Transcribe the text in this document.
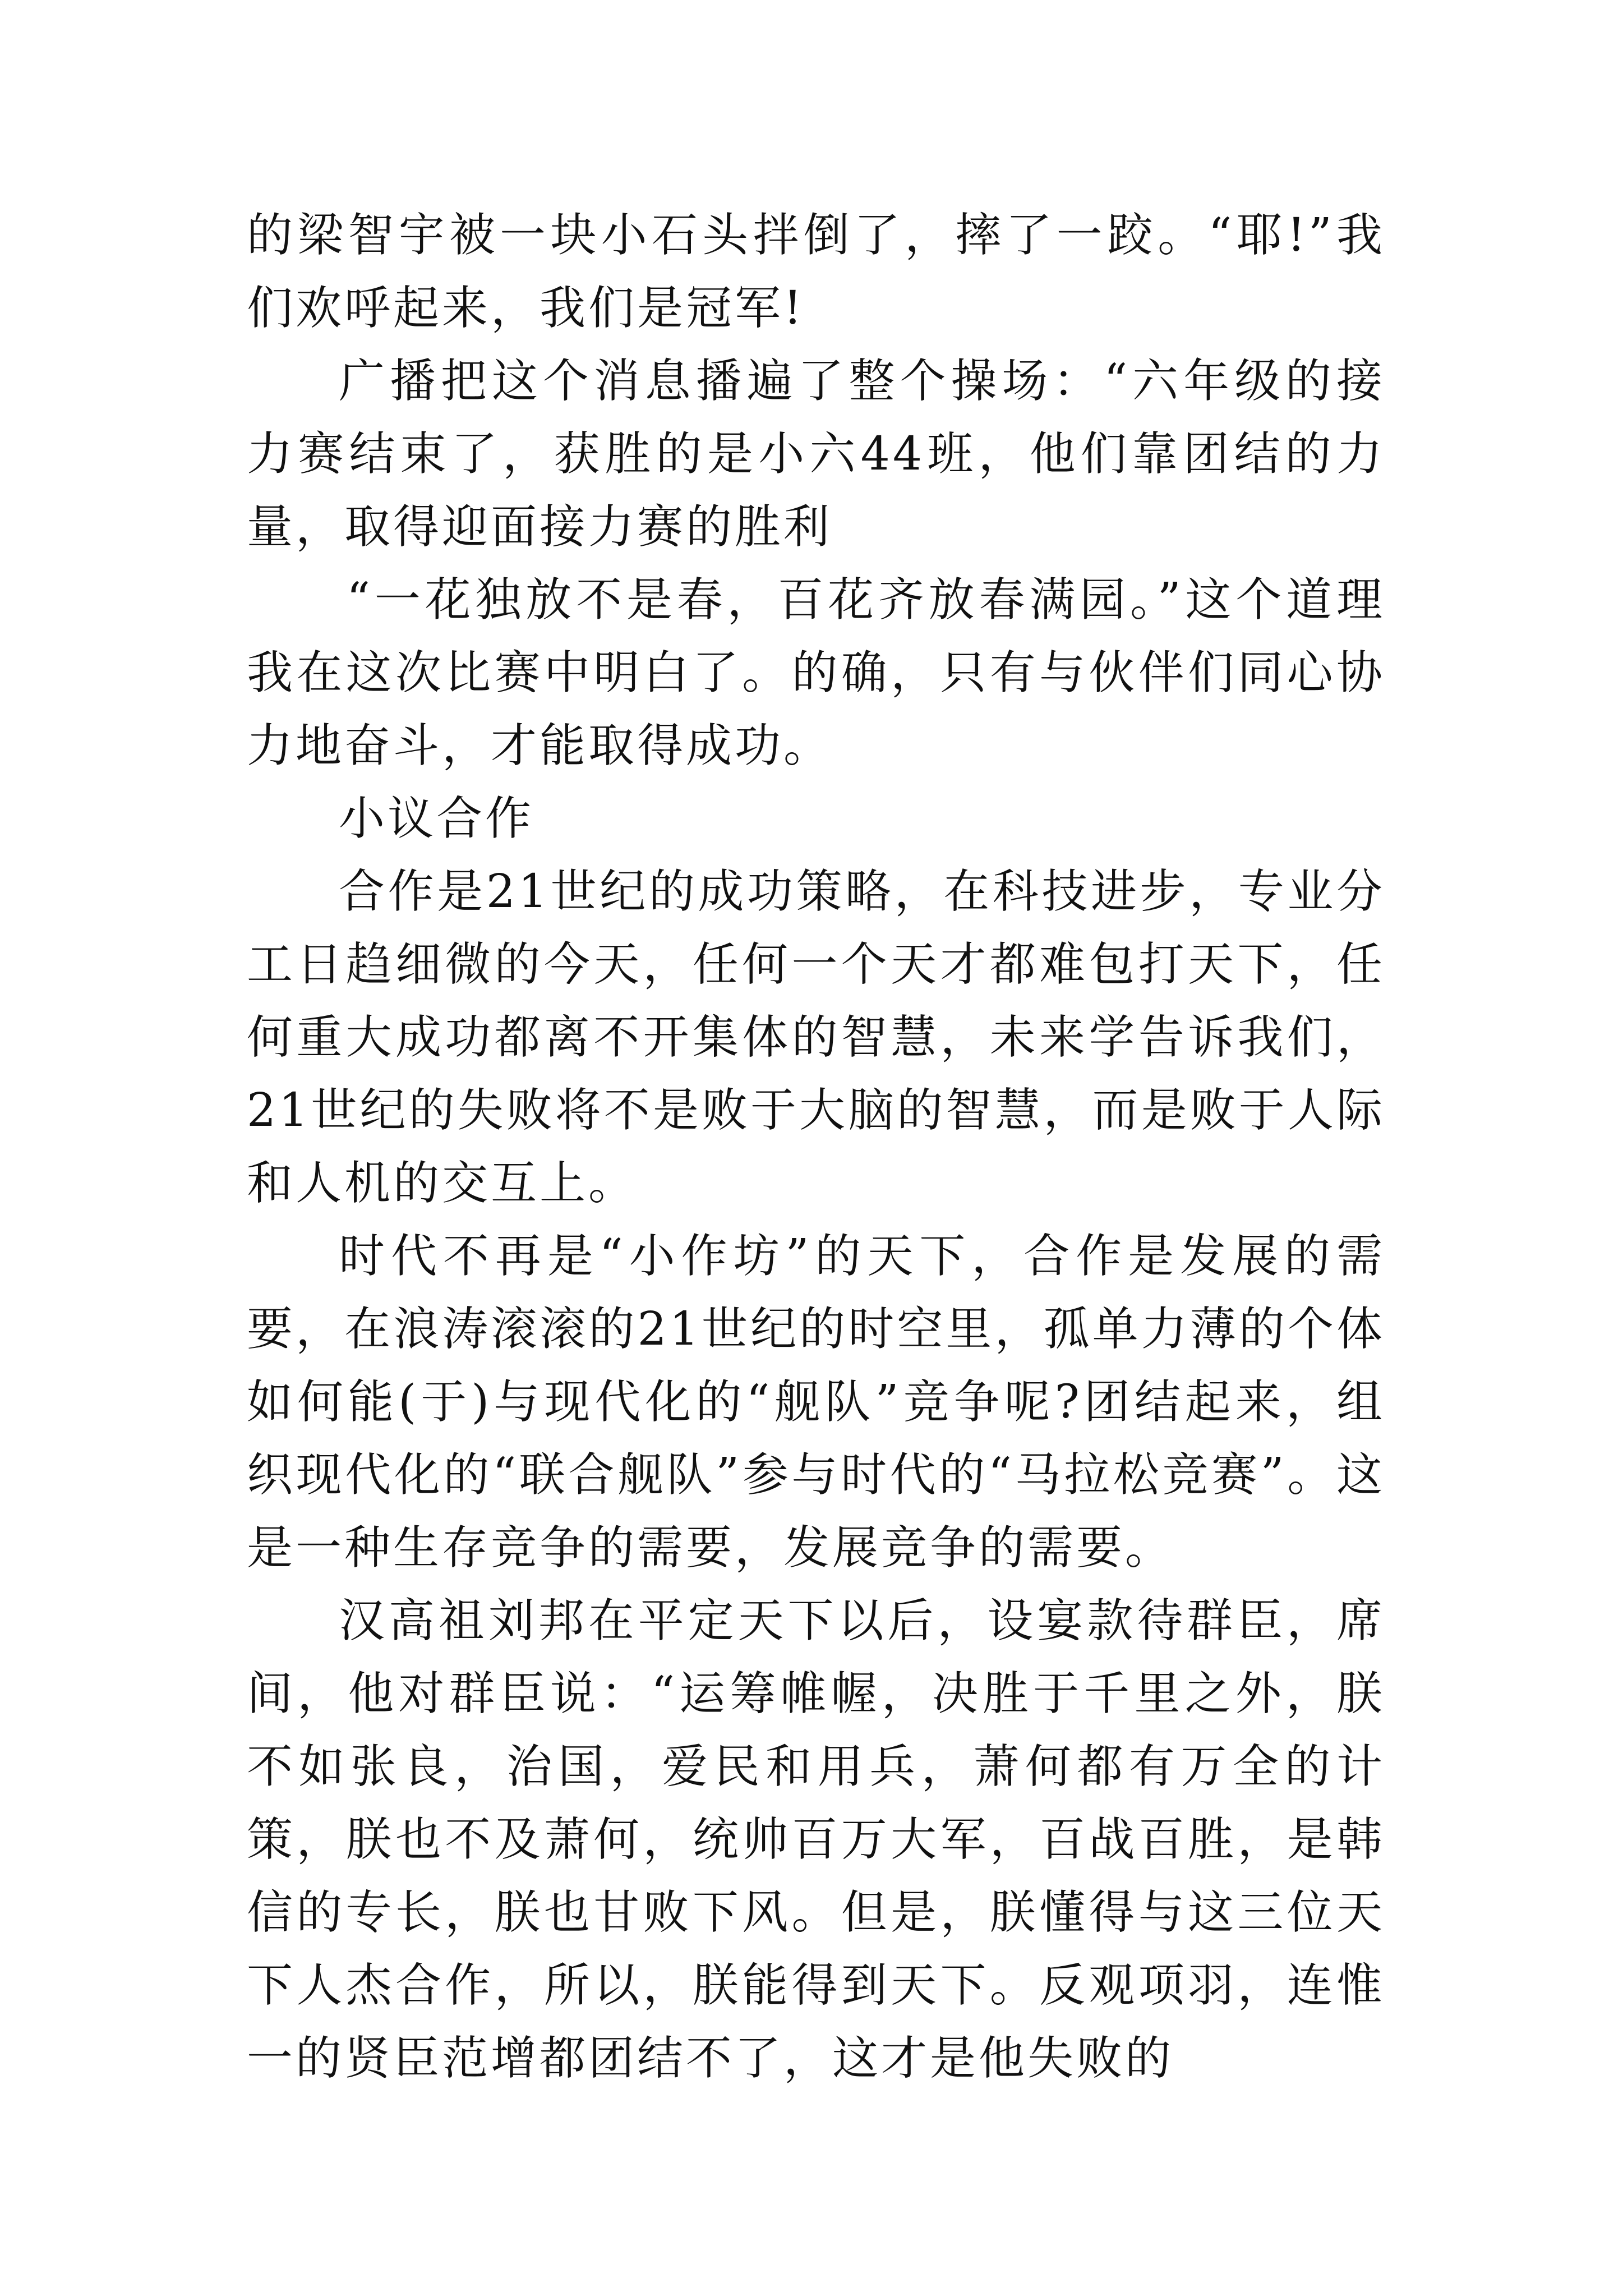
的梁智宇被一块小石头拌倒了，摔了一跤。“耶!”我们欢呼起来，我们是冠军!

广播把这个消息播遍了整个操场：“六年级的接力赛结束了，获胜的是小六44班，他们靠团结的力量，取得迎面接力赛的胜利

“一花独放不是春，百花齐放春满园。”这个道理我在这次比赛中明白了。的确，只有与伙伴们同心协力地奋斗，才能取得成功。

小议合作

合作是21世纪的成功策略，在科技进步，专业分工日趋细微的今天，任何一个天才都难包打天下，任何重大成功都离不开集体的智慧，未来学告诉我们，21世纪的失败将不是败于大脑的智慧，而是败于人际和人机的交互上。

时代不再是“小作坊”的天下，合作是发展的需要，在浪涛滚滚的21世纪的时空里，孤单力薄的个体如何能(于)与现代化的“舰队”竞争呢?团结起来，组织现代化的“联合舰队”参与时代的“马拉松竞赛”。这是一种生存竞争的需要，发展竞争的需要。

汉高祖刘邦在平定天下以后，设宴款待群臣，席间，他对群臣说：“运筹帷幄，决胜于千里之外，朕不如张良，治国，爱民和用兵，萧何都有万全的计策，朕也不及萧何，统帅百万大军，百战百胜，是韩信的专长，朕也甘败下风。但是，朕懂得与这三位天下人杰合作，所以，朕能得到天下。反观项羽，连惟一的贤臣范增都团结不了，这才是他失败的
